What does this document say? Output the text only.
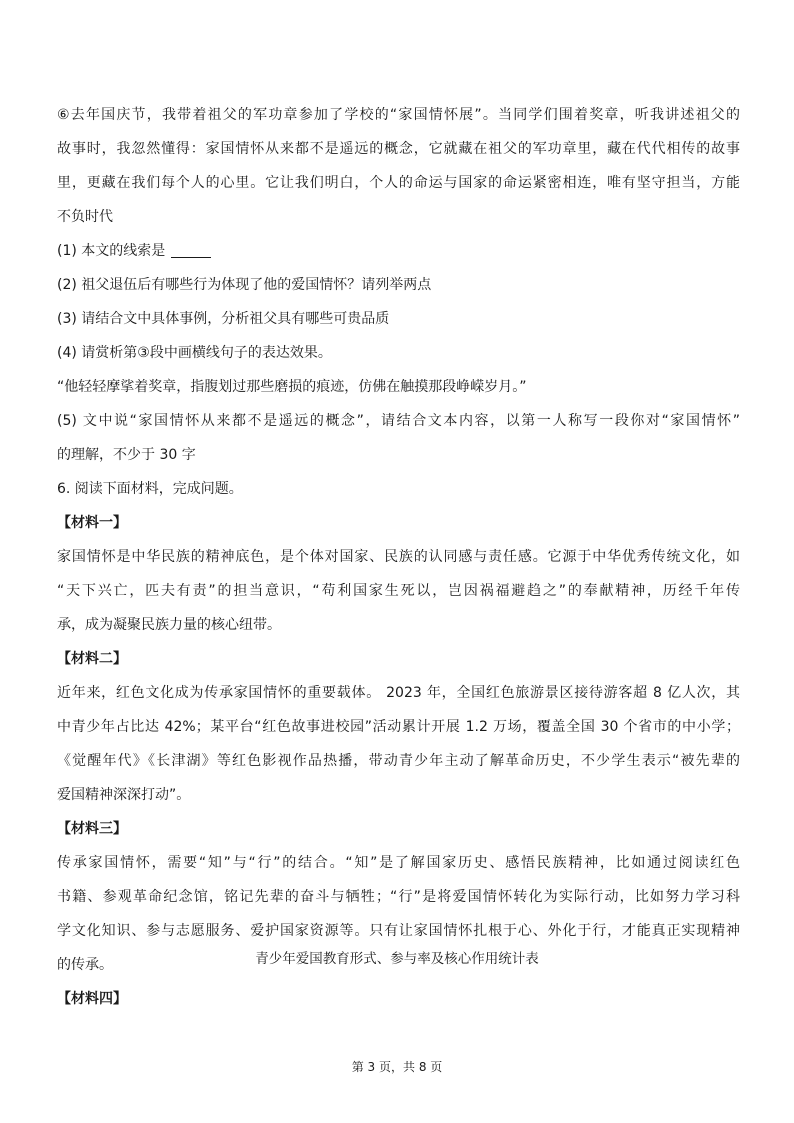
⑥去年国庆节，我带着祖父的军功章参加了学校的“家国情怀展”。当同学们围着奖章，听我讲述祖父的
故事时，我忽然懂得：家国情怀从来都不是遥远的概念，它就藏在祖父的军功章里，藏在代代相传的故事
里，更藏在我们每个人的心里。它让我们明白，个人的命运与国家的命运紧密相连，唯有坚守担当，方能
不负时代
(1) 本文的线索是
(2) 祖父退伍后有哪些行为体现了他的爱国情怀？请列举两点
(3) 请结合文中具体事例，分析祖父具有哪些可贵品质
(4) 请赏析第③段中画横线句子的表达效果。
“他轻轻摩挲着奖章，指腹划过那些磨损的痕迹，仿佛在触摸那段峥嵘岁月。”
(5) 文中说“家国情怀从来都不是遥远的概念”，请结合文本内容，以第一人称写一段你对“家国情怀”
的理解，不少于 30 字
6. 阅读下面材料，完成问题。
【材料一】
家国情怀是中华民族的精神底色，是个体对国家、民族的认同感与责任感。它源于中华优秀传统文化，如
“天下兴亡，匹夫有责”的担当意识，“苟利国家生死以，岂因祸福避趋之”的奉献精神，历经千年传
承，成为凝聚民族力量的核心纽带。
【材料二】
近年来，红色文化成为传承家国情怀的重要载体。 2023 年，全国红色旅游景区接待游客超 8 亿人次，其
中青少年占比达 42%；某平台“红色故事进校园”活动累计开展 1.2 万场，覆盖全国 30 个省市的中小学；
《觉醒年代》《长津湖》等红色影视作品热播，带动青少年主动了解革命历史，不少学生表示“被先辈的
爱国精神深深打动”。
【材料三】
传承家国情怀，需要“知”与“行”的结合。“知”是了解国家历史、感悟民族精神，比如通过阅读红色
书籍、参观革命纪念馆，铭记先辈的奋斗与牺牲；“行”是将爱国情怀转化为实际行动，比如努力学习科
学文化知识、参与志愿服务、爱护国家资源等。只有让家国情怀扎根于心、外化于行，才能真正实现精神
的传承。
【材料四】
青少年爱国教育形式、参与率及核心作用统计表
第 3 页，共 8 页
